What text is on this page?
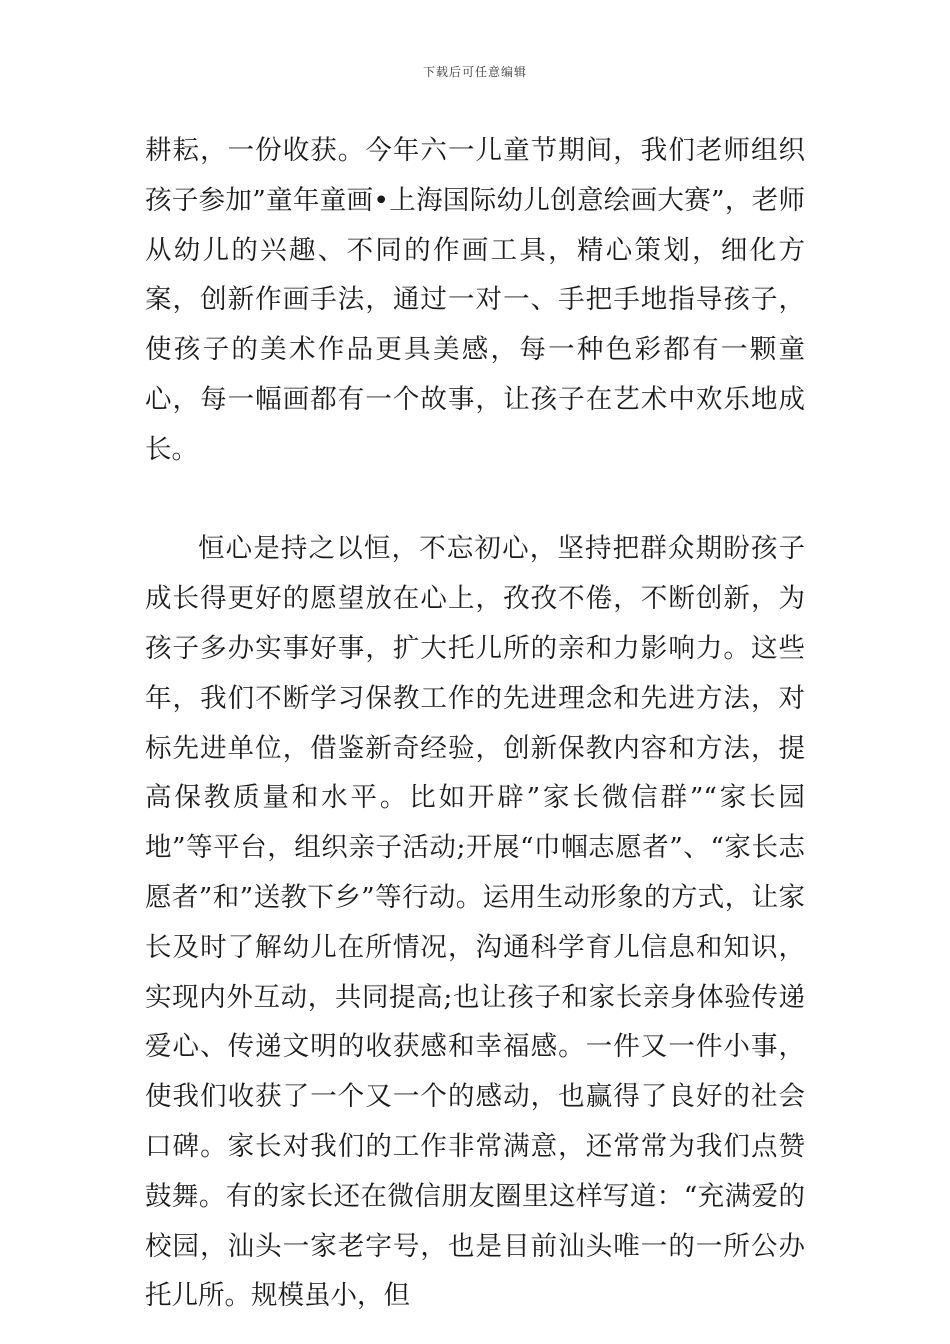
下载后可任意编辑

耕耘，一份收获。今年六一儿童节期间，我们老师组织孩子参加”童年童画•上海国际幼儿创意绘画大赛”，老师从幼儿的兴趣、不同的作画工具，精心策划，细化方案，创新作画手法，通过一对一、手把手地指导孩子，使孩子的美术作品更具美感，每一种色彩都有一颗童心，每一幅画都有一个故事，让孩子在艺术中欢乐地成长。

恒心是持之以恒，不忘初心，坚持把群众期盼孩子成长得更好的愿望放在心上，孜孜不倦，不断创新，为孩子多办实事好事，扩大托儿所的亲和力影响力。这些年，我们不断学习保教工作的先进理念和先进方法，对标先进单位，借鉴新奇经验，创新保教内容和方法，提高保教质量和水平。比如开辟”家长微信群”“家长园地”等平台，组织亲子活动;开展“巾帼志愿者”、“家长志愿者”和”送教下乡”等行动。运用生动形象的方式，让家长及时了解幼儿在所情况，沟通科学育儿信息和知识，实现内外互动，共同提高;也让孩子和家长亲身体验传递爱心、传递文明的收获感和幸福感。一件又一件小事，使我们收获了一个又一个的感动，也赢得了良好的社会口碑。家长对我们的工作非常满意，还常常为我们点赞鼓舞。有的家长还在微信朋友圈里这样写道：“充满爱的校园，汕头一家老字号，也是目前汕头唯一的一所公办托儿所。规模虽小，但
